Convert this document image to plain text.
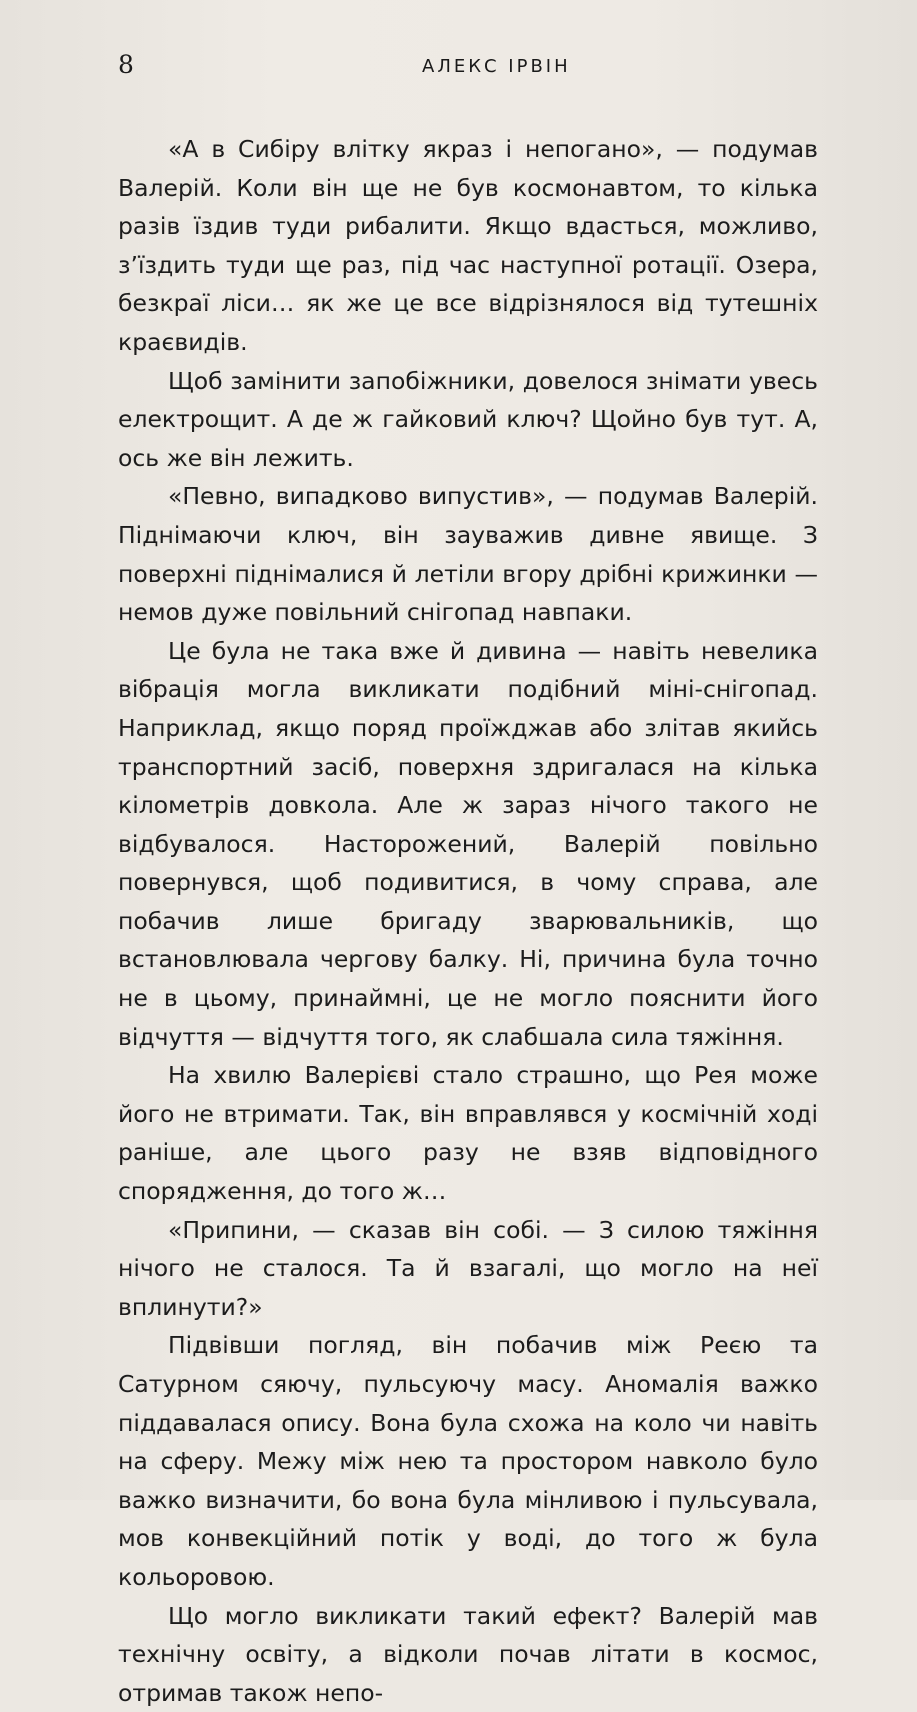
8	АЛЕКС ІРВІН

«А в Сибіру влітку якраз і непогано», — подумав Валерій. Коли він ще не був космонавтом, то кілька разів їздив туди рибалити. Якщо вдасться, можливо, з’їздить туди ще раз, під час наступної ротації. Озера, безкраї ліси… як же це все відрізнялося від тутешніх краєвидів.

Щоб замінити запобіжники, довелося знімати увесь електрощит. А де ж гайковий ключ? Щойно був тут. А, ось же він лежить.

«Певно, випадково випустив», — подумав Валерій. Піднімаючи ключ, він зауважив дивне явище. З поверхні піднімалися й летіли вгору дрібні крижинки — немов дуже повільний снігопад навпаки.

Це була не така вже й дивина — навіть невелика вібрація могла викликати подібний міні-снігопад. Наприклад, якщо поряд проїжджав або злітав якийсь транспортний засіб, поверхня здригалася на кілька кілометрів довкола. Але ж зараз нічого такого не відбувалося. Насторожений, Валерій повільно повернувся, щоб подивитися, в чому справа, але побачив лише бригаду зварювальників, що встановлювала чергову балку. Ні, причина була точно не в цьому, принаймні, це не могло пояснити його відчуття — відчуття того, як слабшала сила тяжіння.

На хвилю Валерієві стало страшно, що Рея може його не втримати. Так, він вправлявся у космічній ході раніше, але цього разу не взяв відповідного спорядження, до того ж…

«Припини, — сказав він собі. — З силою тяжіння нічого не сталося. Та й взагалі, що могло на неї вплинути?»

Підвівши погляд, він побачив між Реєю та Сатурном сяючу, пульсуючу масу. Аномалія важко піддавалася опису. Вона була схожа на коло чи навіть на сферу. Межу між нею та простором навколо було важко визначити, бо вона була мінливою і пульсувала, мов конвекційний потік у воді, до того ж була кольоровою.

Що могло викликати такий ефект? Валерій мав технічну освіту, а відколи почав літати в космос, отримав також непо-
